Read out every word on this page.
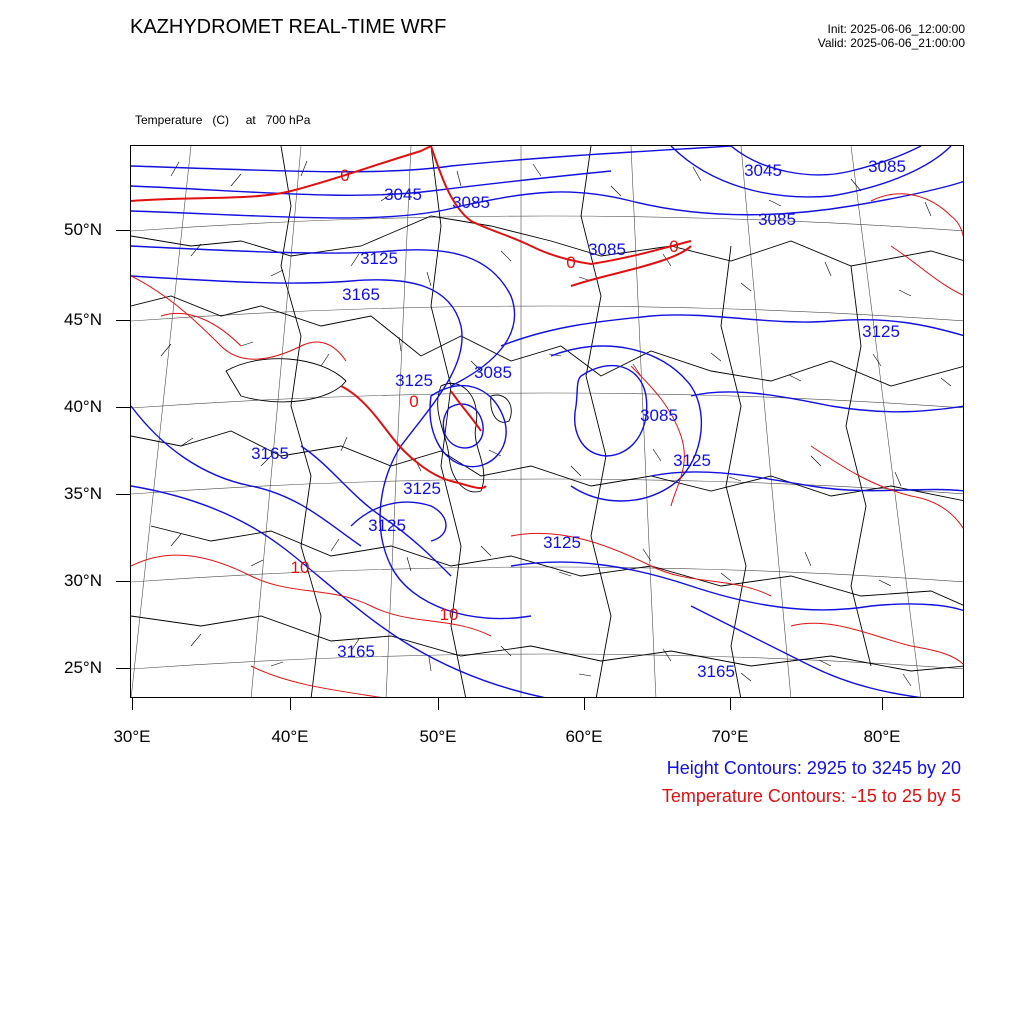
KAZHYDROMET REAL-TIME WRF	Init: 2025-06-06_12:00:00
Valid: 2025-06-06_21:00:00

Temperature   (C)     at   700 hPa

3045 3085
3045	3085
3085
3085
3125
3165
3125 3085
3085
3165
3125
3125
3125
3125
3165
3165
3125
0
0
0
0
10
10
50°N
45°N
40°N
35°N
30°N
25°N
30°E	40°E	50°E	60°E	70°E	80°E
Height Contours: 2925 to 3245 by 20
Temperature Contours: -15 to 25 by 5
